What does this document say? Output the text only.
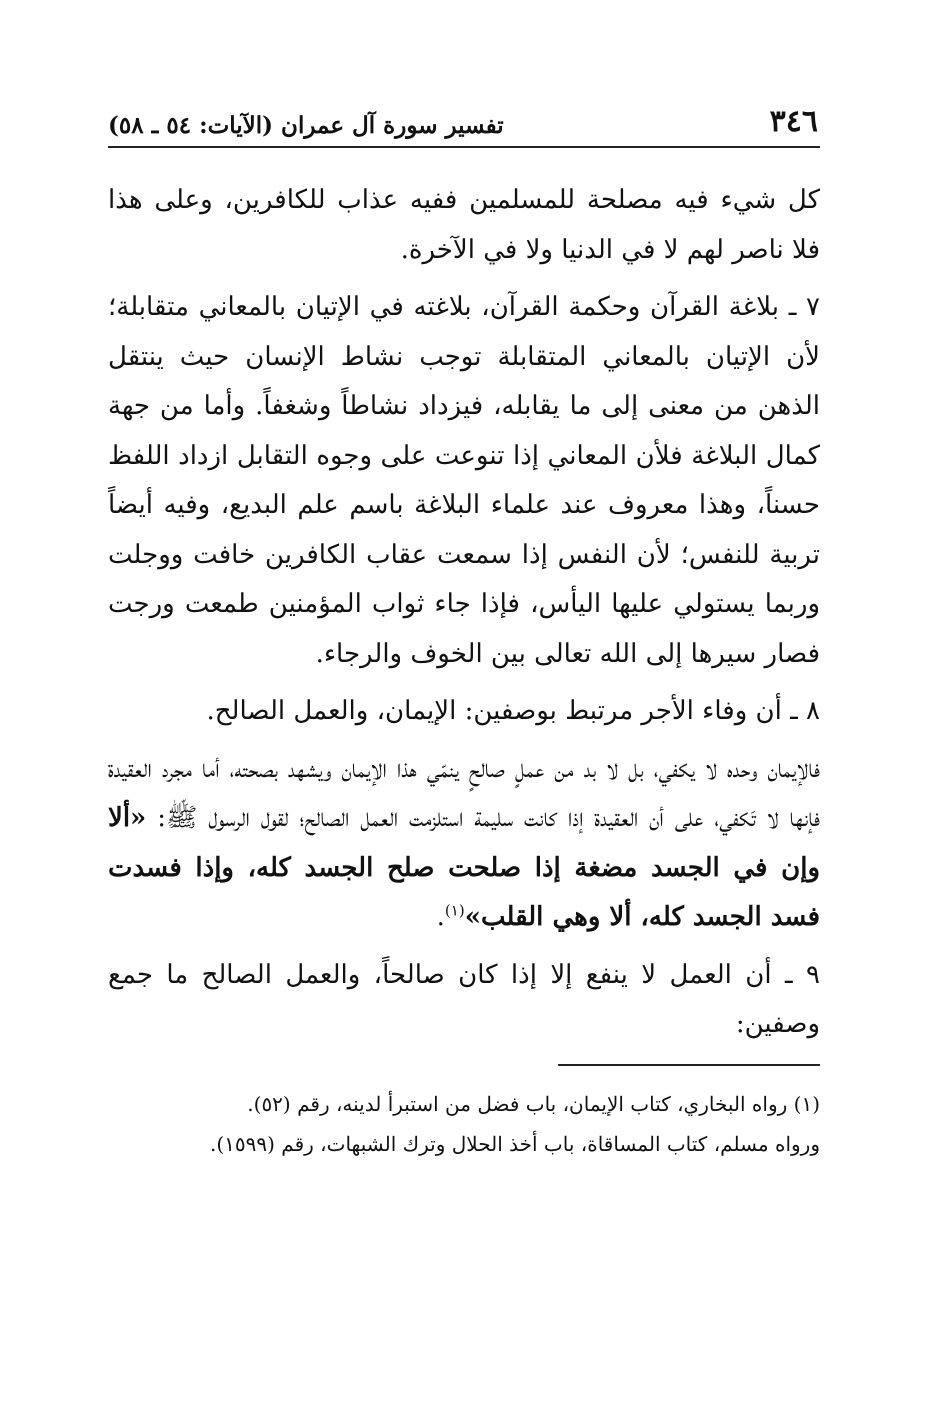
٣٤٦
تفسير سورة آل عمران (الآيات: ٥٤ ـ ٥٨)

كل شيء فيه مصلحة للمسلمين ففيه عذاب للكافرين، وعلى هذا فلا ناصر لهم لا في الدنيا ولا في الآخرة.

٧ ـ بلاغة القرآن وحكمة القرآن، بلاغته في الإتيان بالمعاني متقابلة؛ لأن الإتيان بالمعاني المتقابلة توجب نشاط الإنسان حيث ينتقل الذهن من معنى إلى ما يقابله، فيزداد نشاطاً وشغفاً. وأما من جهة كمال البلاغة فلأن المعاني إذا تنوعت على وجوه التقابل ازداد اللفظ حسناً، وهذا معروف عند علماء البلاغة باسم علم البديع، وفيه أيضاً تربية للنفس؛ لأن النفس إذا سمعت عقاب الكافرين خافت ووجلت وربما يستولي عليها اليأس، فإذا جاء ثواب المؤمنين طمعت ورجت فصار سيرها إلى الله تعالى بين الخوف والرجاء.

٨ ـ أن وفاء الأجر مرتبط بوصفين: الإيمان، والعمل الصالح.

فالإيمان وحده لا يكفي، بل لا بد من عملٍ صالحٍ ينمّي هذا الإيمان ويشهد بصحته، أما مجرد العقيدة فإنها لا تَكفي، على أن العقيدة إذا كانت سليمة استلزمت العمل الصالح؛ لقول الرسول ﷺ: «ألا وإن في الجسد مضغة إذا صلحت صلح الجسد كله، وإذا فسدت فسد الجسد كله، ألا وهي القلب»$^{(١)}$.

٩ ـ أن العمل لا ينفع إلا إذا كان صالحاً، والعمل الصالح ما جمع وصفين:

(١) رواه البخاري، كتاب الإيمان، باب فضل من استبرأ لدينه، رقم (٥٢).

ورواه مسلم، كتاب المساقاة، باب أخذ الحلال وترك الشبهات، رقم (١٥٩٩).
